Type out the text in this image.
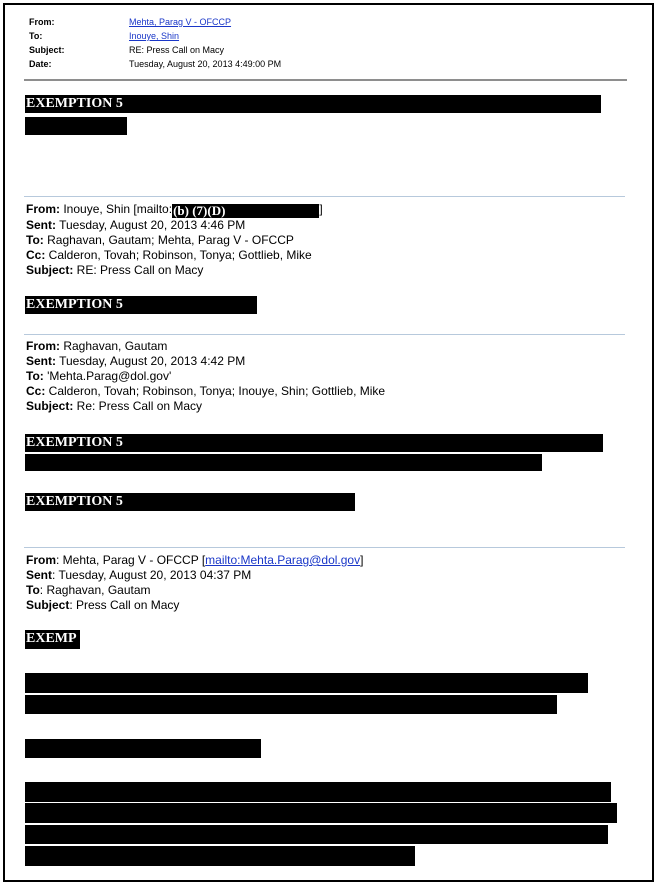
From:	Mehta, Parag V - OFCCP
To:	Inouye, Shin
Subject:	RE: Press Call on Macy
Date:	Tuesday, August 20, 2013 4:49:00 PM
EXEMPTION 5
From: Inouye, Shin [mailto:(b) (7)(D)	]
Sent: Tuesday, August 20, 2013 4:46 PM
To: Raghavan, Gautam; Mehta, Parag V - OFCCP
Cc: Calderon, Tovah; Robinson, Tonya; Gottlieb, Mike
Subject: RE: Press Call on Macy
EXEMPTION 5
From: Raghavan, Gautam
Sent: Tuesday, August 20, 2013 4:42 PM
To: 'Mehta.Parag@dol.gov'
Cc: Calderon, Tovah; Robinson, Tonya; Inouye, Shin; Gottlieb, Mike
Subject: Re: Press Call on Macy
EXEMPTION 5
EXEMPTION 5
From: Mehta, Parag V - OFCCP [mailto:Mehta.Parag@dol.gov]
Sent: Tuesday, August 20, 2013 04:37 PM
To: Raghavan, Gautam
Subject: Press Call on Macy
EXEMP
